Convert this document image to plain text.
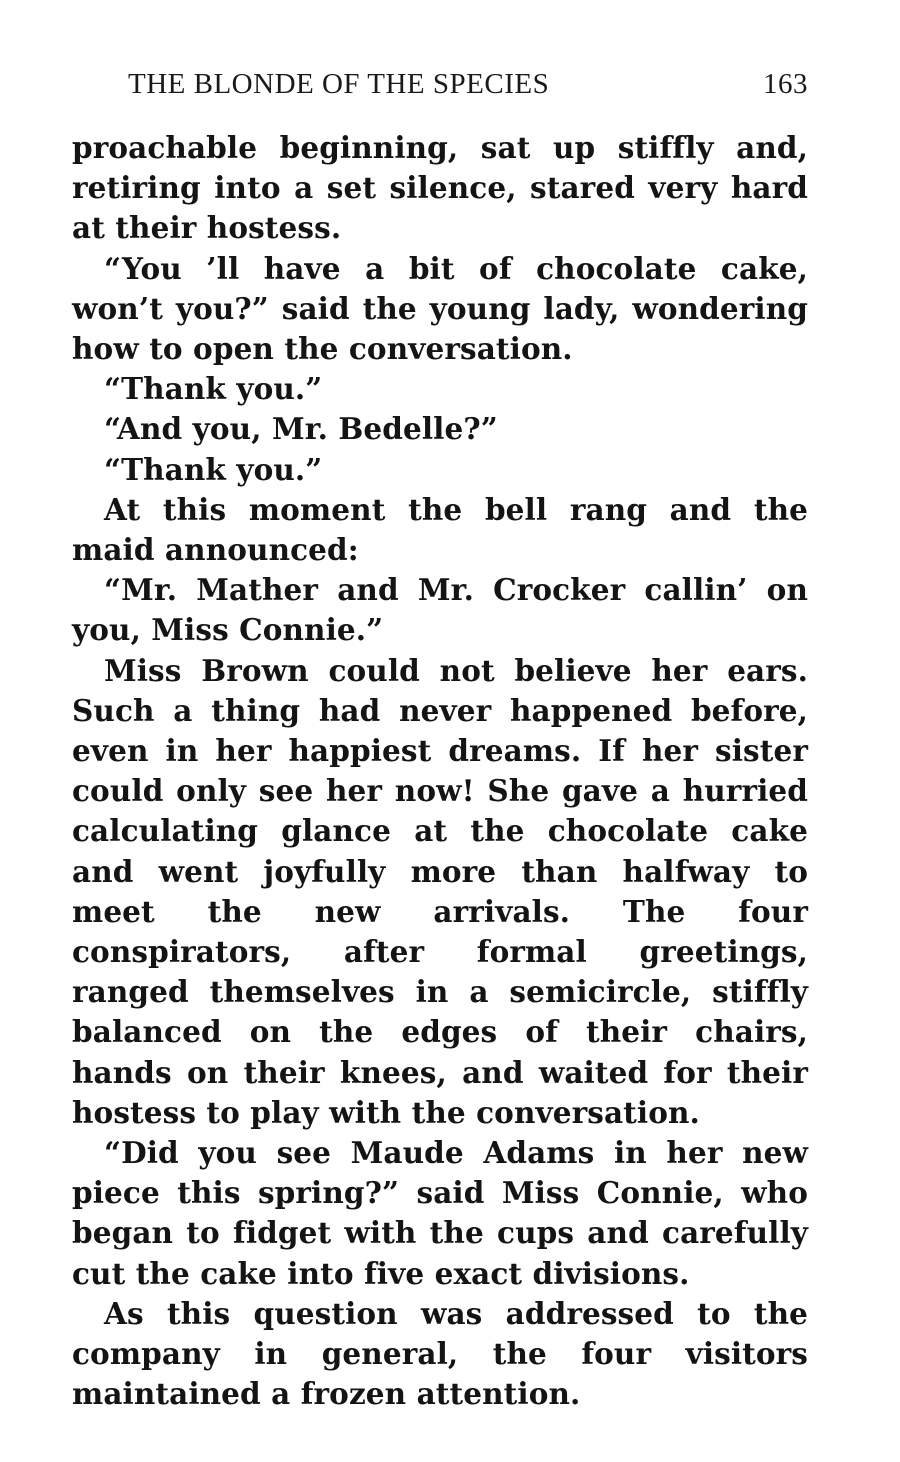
THE BLONDE OF THE SPECIES	163

proachable beginning, sat up stiffly and, retiring into a set silence, stared very hard at their hostess.

“You ’ll have a bit of chocolate cake, won’t you?” said the young lady, wondering how to open the conversation.

“Thank you.”

“And you, Mr. Bedelle?”

“Thank you.”

At this moment the bell rang and the maid announced:

“Mr. Mather and Mr. Crocker callin’ on you, Miss Connie.”

Miss Brown could not believe her ears. Such a thing had never happened before, even in her happiest dreams. If her sister could only see her now! She gave a hurried calculating glance at the chocolate cake and went joyfully more than halfway to meet the new arrivals. The four conspirators, after formal greetings, ranged themselves in a semicircle, stiffly balanced on the edges of their chairs, hands on their knees, and waited for their hostess to play with the conversation.

“Did you see Maude Adams in her new piece this spring?” said Miss Connie, who began to fidget with the cups and carefully cut the cake into five exact divisions.

As this question was addressed to the company in general, the four visitors maintained a frozen attention.
